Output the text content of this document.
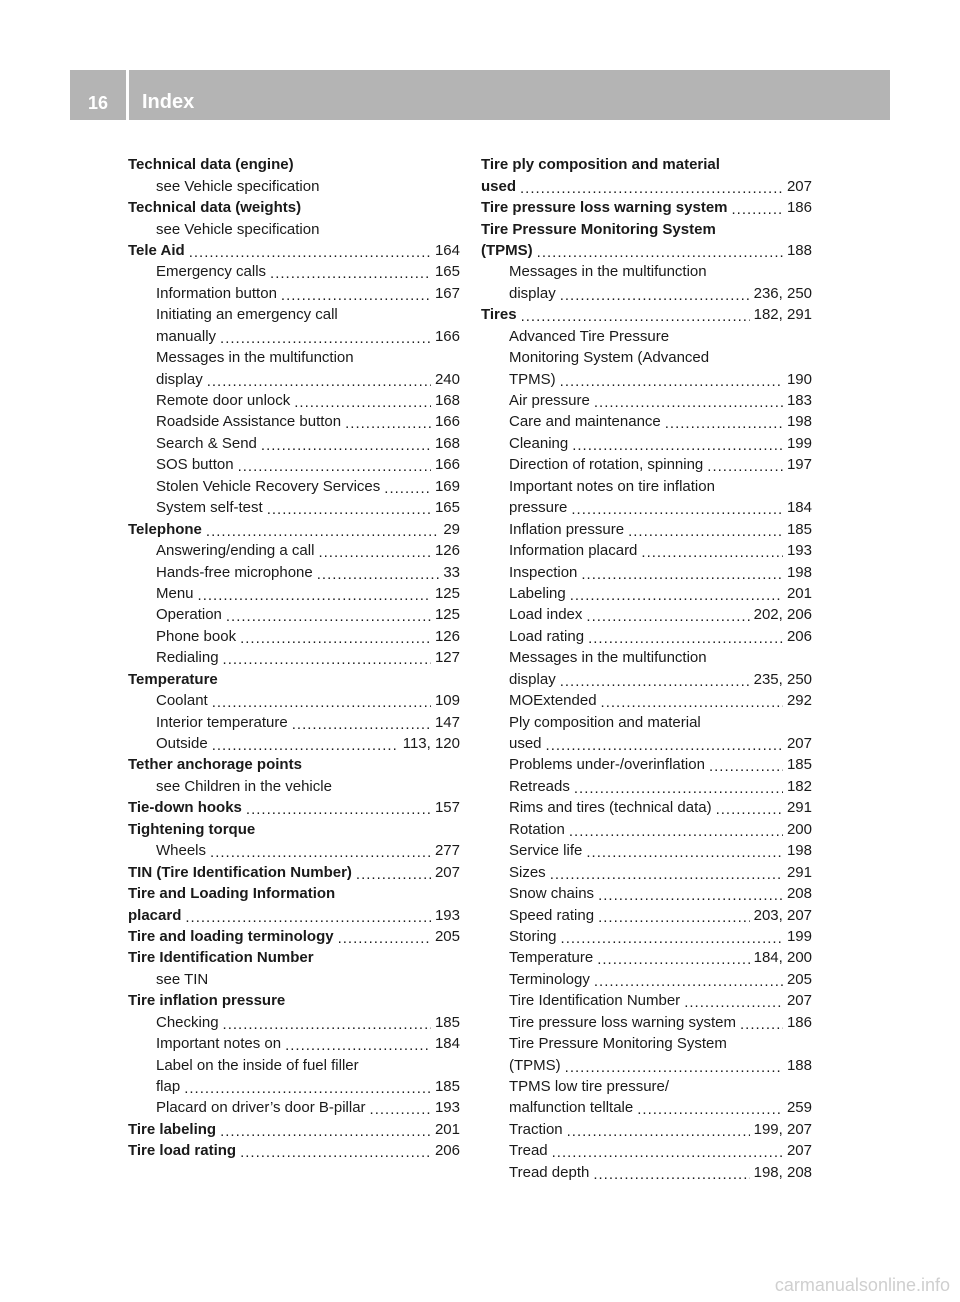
16	Index
Technical data (engine)
see Vehicle specification
Technical data (weights)
see Vehicle specification
Tele Aid .....	164
Emergency calls .....	165
Information button .....	167
Initiating an emergency call
manually .....	166
Messages in the multifunction
display .....	240
Remote door unlock .....	168
Roadside Assistance button .....	166
Search & Send .....	168
SOS button .....	166
Stolen Vehicle Recovery Services .....	169
System self-test .....	165
Telephone .....	29
Answering/ending a call .....	126
Hands-free microphone .....	33
Menu .....	125
Operation .....	125
Phone book .....	126
Redialing .....	127
Temperature
Coolant .....	109
Interior temperature .....	147
Outside .....	113, 120
Tether anchorage points
see Children in the vehicle
Tie-down hooks .....	157
Tightening torque
Wheels .....	277
TIN (Tire Identification Number) .....	207
Tire and Loading Information
placard .....	193
Tire and loading terminology .....	205
Tire Identification Number
see TIN
Tire inflation pressure
Checking .....	185
Important notes on .....	184
Label on the inside of fuel filler
flap .....	185
Placard on driver’s door B-pillar .....	193
Tire labeling .....	201
Tire load rating .....	206
Tire ply composition and material
used .....	207
Tire pressure loss warning system .....	186
Tire Pressure Monitoring System
(TPMS) .....	188
Messages in the multifunction
display .....	236, 250
Tires .....	182, 291
Advanced Tire Pressure
Monitoring System (Advanced
TPMS) .....	190
Air pressure .....	183
Care and maintenance .....	198
Cleaning .....	199
Direction of rotation, spinning .....	197
Important notes on tire inflation
pressure .....	184
Inflation pressure .....	185
Information placard .....	193
Inspection .....	198
Labeling .....	201
Load index .....	202, 206
Load rating .....	206
Messages in the multifunction
display .....	235, 250
MOExtended .....	292
Ply composition and material
used .....	207
Problems under-/overinflation .....	185
Retreads .....	182
Rims and tires (technical data) .....	291
Rotation .....	200
Service life .....	198
Sizes .....	291
Snow chains .....	208
Speed rating .....	203, 207
Storing .....	199
Temperature .....	184, 200
Terminology .....	205
Tire Identification Number .....	207
Tire pressure loss warning system .....	186
Tire Pressure Monitoring System
(TPMS) .....	188
TPMS low tire pressure/
malfunction telltale .....	259
Traction .....	199, 207
Tread .....	207
Tread depth .....	198, 208
carmanualsonline.info
